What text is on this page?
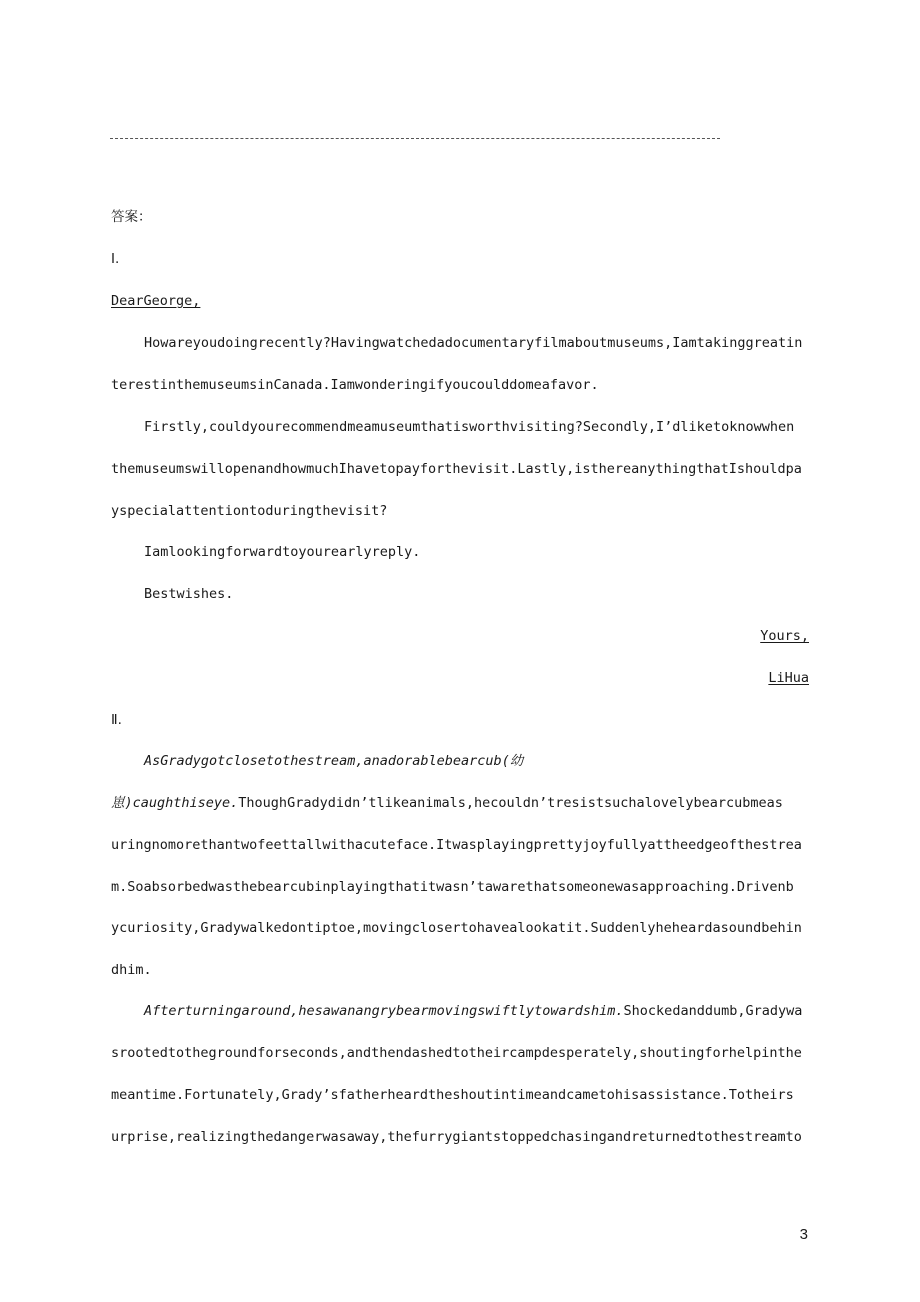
答案：
Ⅰ.
DearGeorge,
Howareyoudoingrecently?Havingwatchedadocumentaryfilmaboutmuseums,Iamtakinggreatin
terestinthemuseumsinCanada.Iamwonderingifyoucoulddomeafavor.
Firstly,couldyourecommendmeamuseumthatisworthvisiting?Secondly,I’dliketoknowwhen
themuseumswillopenandhowmuchIhavetopayforthevisit.Lastly,isthereanythingthatIshouldpa
yspecialattentiontoduringthevisit?
Iamlookingforwardtoyourearlyreply.
Bestwishes.
Yours,
LiHua
Ⅱ.
AsGradygotclosetothestream,anadorablebearcub(幼
崽)caughthiseye.ThoughGradydidn’tlikeanimals,hecouldn’tresistsuchalovelybearcubmeas
uringnomorethantwofeettallwithacuteface.Itwasplayingprettyjoyfullyattheedgeofthestrea
m.Soabsorbedwasthebearcubinplayingthatitwasn’tawarethatsomeonewasapproaching.Drivenb
ycuriosity,Gradywalkedontiptoe,movingclosertohavealookatit.Suddenlyheheardasoundbehin
dhim.
Afterturningaround,hesawanangrybearmovingswiftlytowardshim.Shockedanddumb,Gradywa
srootedtothegroundforseconds,andthendashedtotheircampdesperately,shoutingforhelpinthe
meantime.Fortunately,Grady’sfatherheardtheshoutintimeandcametohisassistance.Totheirs
urprise,realizingthedangerwasaway,thefurrygiantstoppedchasingandreturnedtothestreamto
3
